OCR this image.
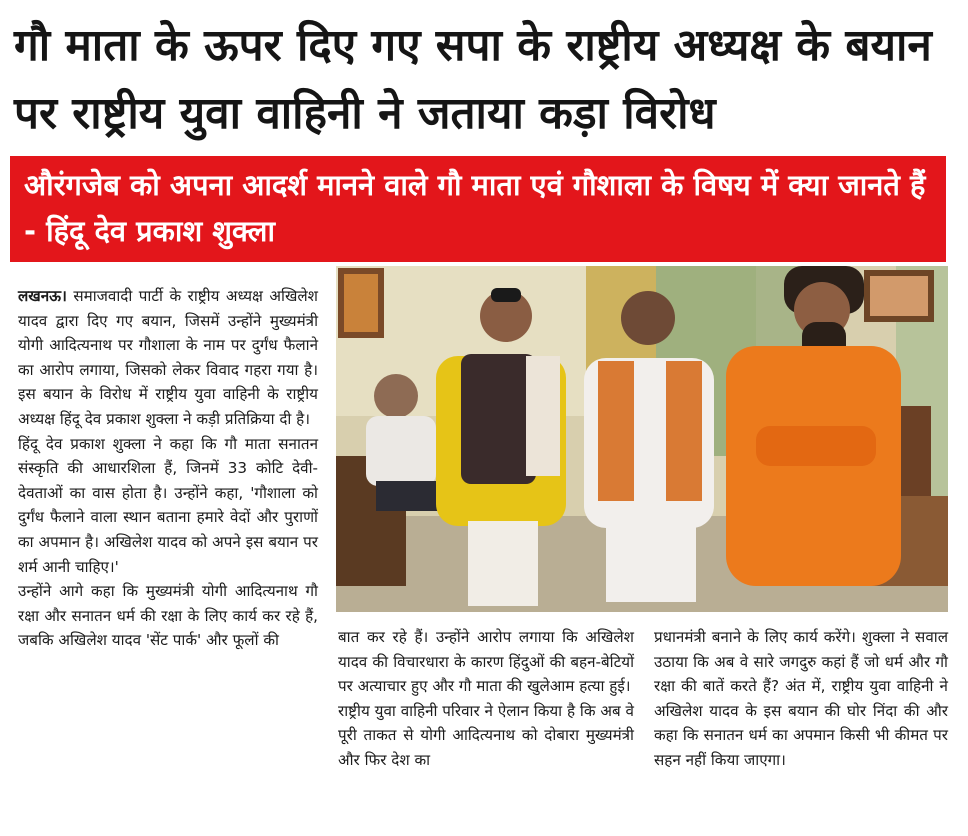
गौ माता के ऊपर दिए गए सपा के राष्ट्रीय अध्यक्ष के बयान पर राष्ट्रीय युवा वाहिनी ने जताया कड़ा विरोध
औरंगजेब को अपना आदर्श मानने वाले गौ माता एवं गौशाला के विषय में क्या जानते हैं - हिंदू देव प्रकाश शुक्ला

लखनऊ। समाजवादी पार्टी के राष्ट्रीय अध्यक्ष अखिलेश यादव द्वारा दिए गए बयान, जिसमें उन्होंने मुख्यमंत्री योगी आदित्यनाथ पर गौशाला के नाम पर दुर्गंध फैलाने का आरोप लगाया, जिसको लेकर विवाद गहरा गया है। इस बयान के विरोध में राष्ट्रीय युवा वाहिनी के राष्ट्रीय अध्यक्ष हिंदू देव प्रकाश शुक्ला ने कड़ी प्रतिक्रिया दी है।

हिंदू देव प्रकाश शुक्ला ने कहा कि गौ माता सनातन संस्कृति की आधारशिला हैं, जिनमें 33 कोटि देवी-देवताओं का वास होता है। उन्होंने कहा, 'गौशाला को दुर्गंध फैलाने वाला स्थान बताना हमारे वेदों और पुराणों का अपमान है। अखिलेश यादव को अपने इस बयान पर शर्म आनी चाहिए।'

उन्होंने आगे कहा कि मुख्यमंत्री योगी आदित्यनाथ गौ रक्षा और सनातन धर्म की रक्षा के लिए कार्य कर रहे हैं, जबकि अखिलेश यादव 'सेंट पार्क' और फूलों की	बात कर रहे हैं। उन्होंने आरोप लगाया कि अखिलेश यादव की विचारधारा के कारण हिंदुओं की बहन-बेटियों पर अत्याचार हुए और गौ माता की खुलेआम हत्या हुई।

राष्ट्रीय युवा वाहिनी परिवार ने ऐलान किया है कि अब वे पूरी ताकत से योगी आदित्यनाथ को दोबारा मुख्यमंत्री और फिर देश का

प्रधानमंत्री बनाने के लिए कार्य करेंगे। शुक्ला ने सवाल उठाया कि अब वे सारे जगदुरु कहां हैं जो धर्म और गौ रक्षा की बातें करते हैं? अंत में, राष्ट्रीय युवा वाहिनी ने अखिलेश यादव के इस बयान की घोर निंदा की और कहा कि सनातन धर्म का अपमान किसी भी कीमत पर सहन नहीं किया जाएगा।
